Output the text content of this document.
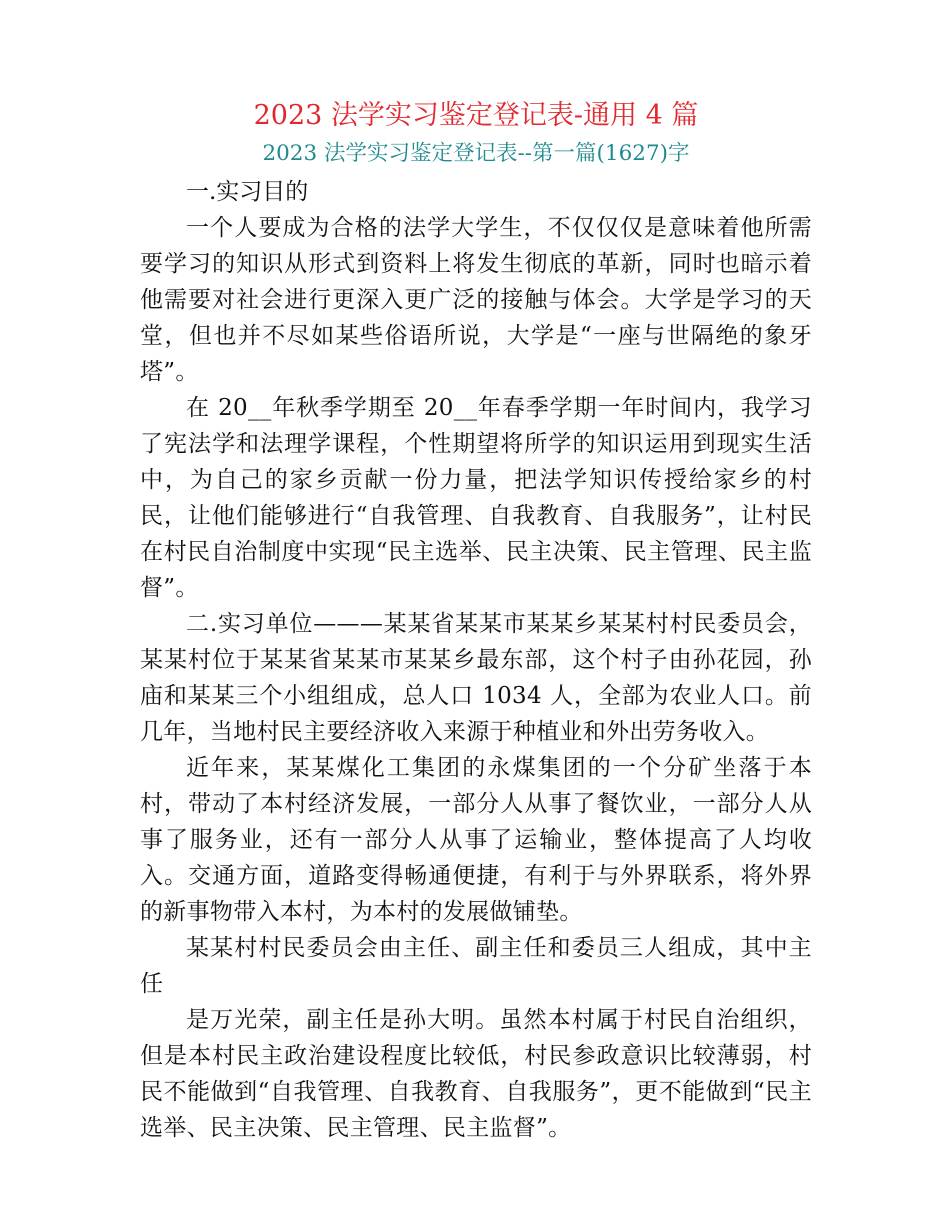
2023 法学实习鉴定登记表-通用 4 篇
2023 法学实习鉴定登记表--第一篇(1627)字

一.实习目的

一个人要成为合格的法学大学生，不仅仅仅是意味着他所需要学习的知识从形式到资料上将发生彻底的革新，同时也暗示着他需要对社会进行更深入更广泛的接触与体会。大学是学习的天堂，但也并不尽如某些俗语所说，大学是“一座与世隔绝的象牙塔”。

在 20__年秋季学期至 20__年春季学期一年时间内，我学习了宪法学和法理学课程，个性期望将所学的知识运用到现实生活中，为自己的家乡贡献一份力量，把法学知识传授给家乡的村民，让他们能够进行“自我管理、自我教育、自我服务”，让村民在村民自治制度中实现“民主选举、民主决策、民主管理、民主监督”。

二.实习单位———某某省某某市某某乡某某村村民委员会，某某村位于某某省某某市某某乡最东部，这个村子由孙花园，孙庙和某某三个小组组成，总人口 1034 人，全部为农业人口。前几年，当地村民主要经济收入来源于种植业和外出劳务收入。

近年来，某某煤化工集团的永煤集团的一个分矿坐落于本村，带动了本村经济发展，一部分人从事了餐饮业，一部分人从事了服务业，还有一部分人从事了运输业，整体提高了人均收入。交通方面，道路变得畅通便捷，有利于与外界联系，将外界的新事物带入本村，为本村的发展做铺垫。

某某村村民委员会由主任、副主任和委员三人组成，其中主任

是万光荣，副主任是孙大明。虽然本村属于村民自治组织，但是本村民主政治建设程度比较低，村民参政意识比较薄弱，村民不能做到“自我管理、自我教育、自我服务”，更不能做到“民主选举、民主决策、民主管理、民主监督”。
